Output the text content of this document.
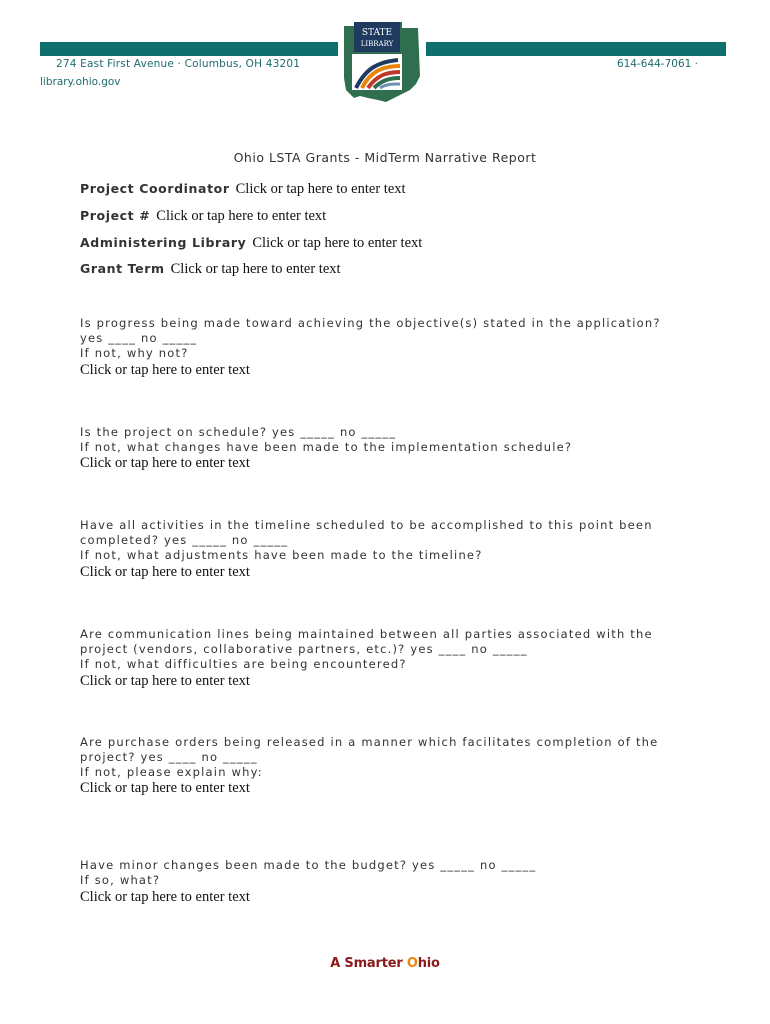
274 East First Avenue · Columbus, OH 43201	614-644-7061 ·
library.ohio.gov
STATE
LIBRARY
Ohio LSTA Grants - MidTerm Narrative Report
Project Coordinator Click or tap here to enter text
Project # Click or tap here to enter text
Administering Library Click or tap here to enter text
Grant Term Click or tap here to enter text
Is progress being made toward achieving the objective(s) stated in the application?
yes ____ no _____
If not, why not?
Click or tap here to enter text
Is the project on schedule? yes _____ no _____
If not, what changes have been made to the implementation schedule?
Click or tap here to enter text
Have all activities in the timeline scheduled to be accomplished to this point been
completed? yes _____ no _____
If not, what adjustments have been made to the timeline?
Click or tap here to enter text
Are communication lines being maintained between all parties associated with the
project (vendors, collaborative partners, etc.)? yes ____ no _____
If not, what difficulties are being encountered?
Click or tap here to enter text
Are purchase orders being released in a manner which facilitates completion of the
project? yes ____ no _____
If not, please explain why:
Click or tap here to enter text
Have minor changes been made to the budget? yes _____ no _____
If so, what?
Click or tap here to enter text
A Smarter Ohio
